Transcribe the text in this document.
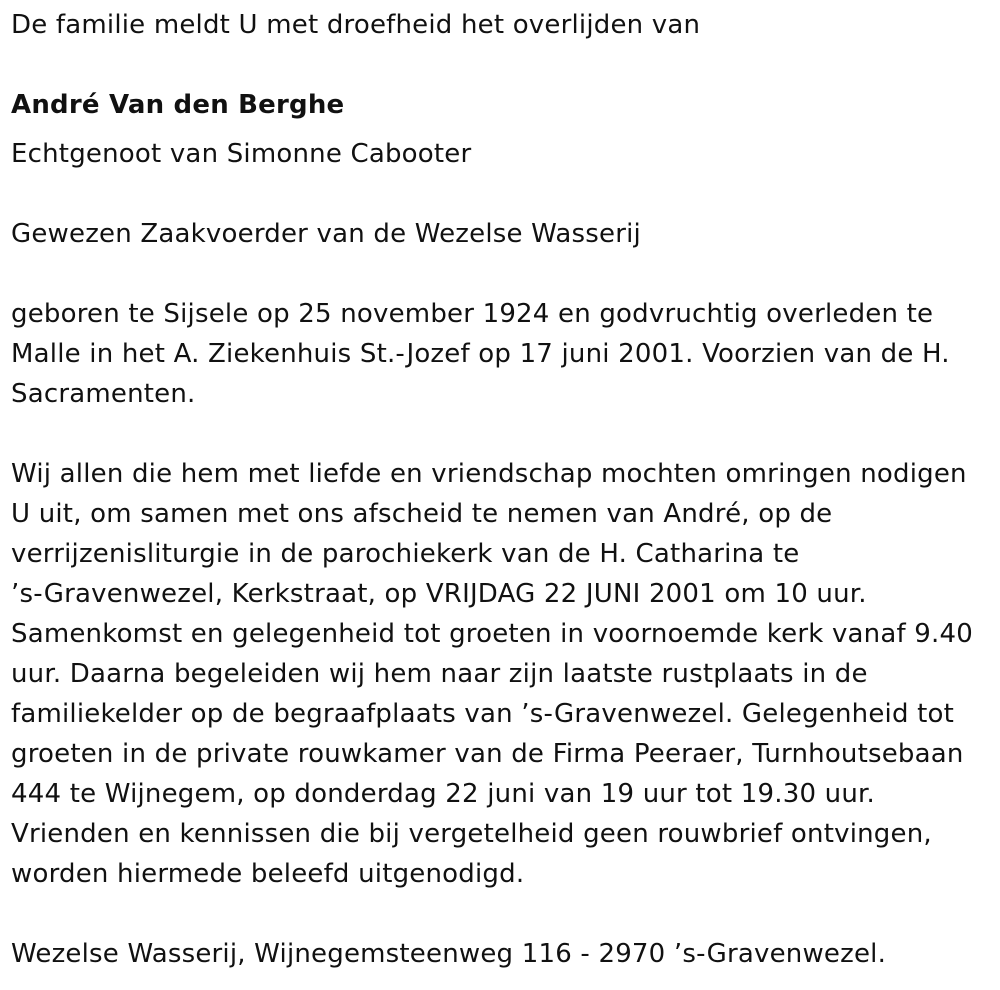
De familie meldt U met droefheid het overlijden van
André Van den Berghe
Echtgenoot van Simonne Cabooter
Gewezen Zaakvoerder van de Wezelse Wasserij
geboren te Sijsele op 25 november 1924 en godvruchtig overleden te
Malle in het A. Ziekenhuis St.-Jozef op 17 juni 2001. Voorzien van de H.
Sacramenten.
Wij allen die hem met liefde en vriendschap mochten omringen nodigen
U uit, om samen met ons afscheid te nemen van André, op de
verrijzenisliturgie in de parochiekerk van de H. Catharina te
’s-Gravenwezel, Kerkstraat, op VRIJDAG 22 JUNI 2001 om 10 uur.
Samenkomst en gelegenheid tot groeten in voornoemde kerk vanaf 9.40
uur. Daarna begeleiden wij hem naar zijn laatste rustplaats in de
familiekelder op de begraafplaats van ’s-Gravenwezel. Gelegenheid tot
groeten in de private rouwkamer van de Firma Peeraer, Turnhoutsebaan
444 te Wijnegem, op donderdag 22 juni van 19 uur tot 19.30 uur.
Vrienden en kennissen die bij vergetelheid geen rouwbrief ontvingen,
worden hiermede beleefd uitgenodigd.
Wezelse Wasserij, Wijnegemsteenweg 116 - 2970 ’s-Gravenwezel.
